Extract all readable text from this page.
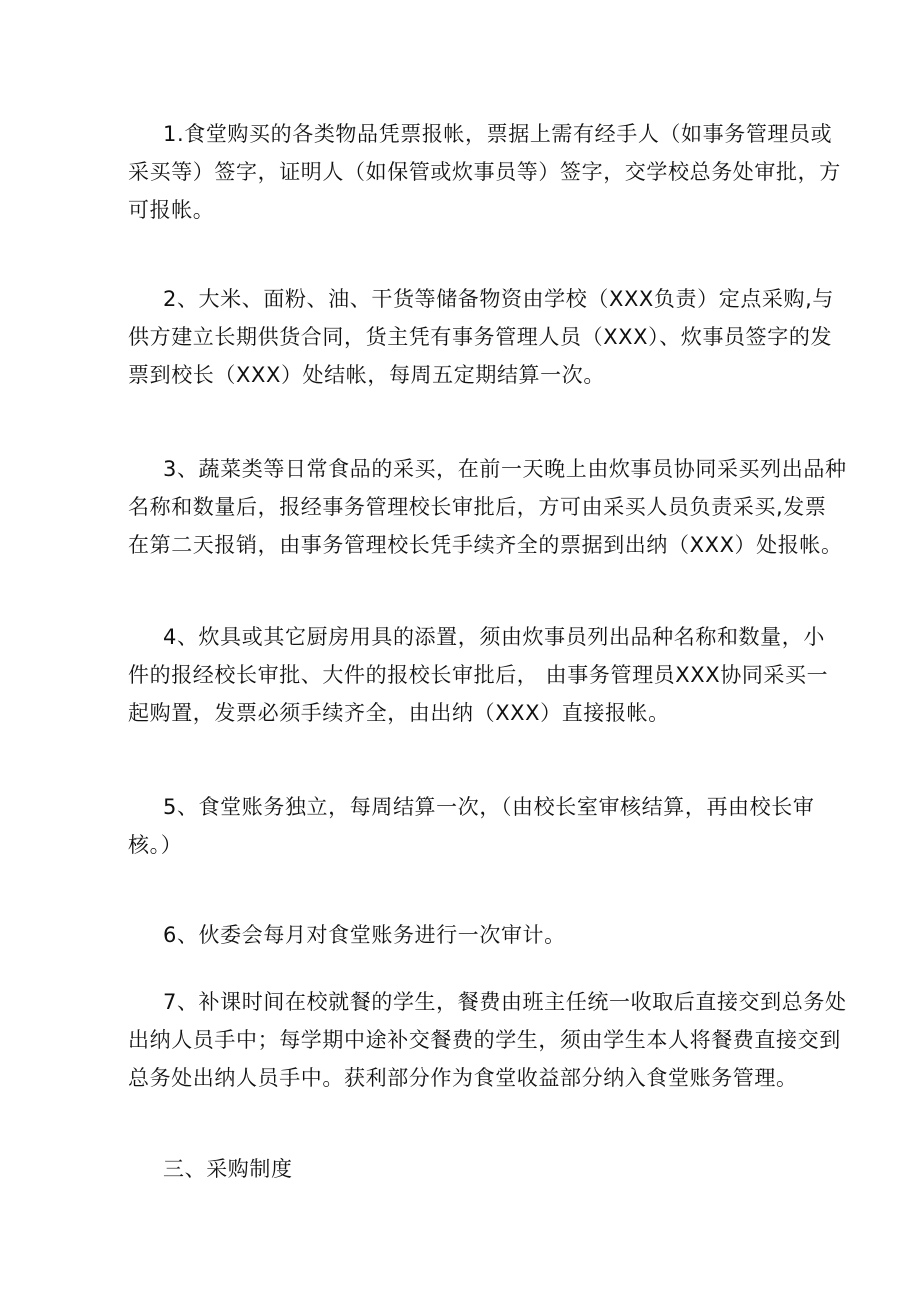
1.食堂购买的各类物品凭票报帐，票据上需有经手人（如事务管理员或
采买等）签字，证明人（如保管或炊事员等）签字，交学校总务处审批，方
可报帐。

2、大米、面粉、油、干货等储备物资由学校（XXX负责）定点采购,与
供方建立长期供货合同，货主凭有事务管理人员（XXX）、炊事员签字的发
票到校长（XXX）处结帐，每周五定期结算一次。

3、蔬菜类等日常食品的采买，在前一天晚上由炊事员协同采买列出品种
名称和数量后，报经事务管理校长审批后，方可由采买人员负责采买,发票
在第二天报销，由事务管理校长凭手续齐全的票据到出纳（XXX）处报帐。

4、炊具或其它厨房用具的添置，须由炊事员列出品种名称和数量，小
件的报经校长审批、大件的报校长审批后， 由事务管理员XXX协同采买一
起购置，发票必须手续齐全，由出纳（XXX）直接报帐。

5、食堂账务独立，每周结算一次，（由校长室审核结算，再由校长审
核。）

6、伙委会每月对食堂账务进行一次审计。

7、补课时间在校就餐的学生，餐费由班主任统一收取后直接交到总务处
出纳人员手中；每学期中途补交餐费的学生，须由学生本人将餐费直接交到
总务处出纳人员手中。获利部分作为食堂收益部分纳入食堂账务管理。

三、采购制度
